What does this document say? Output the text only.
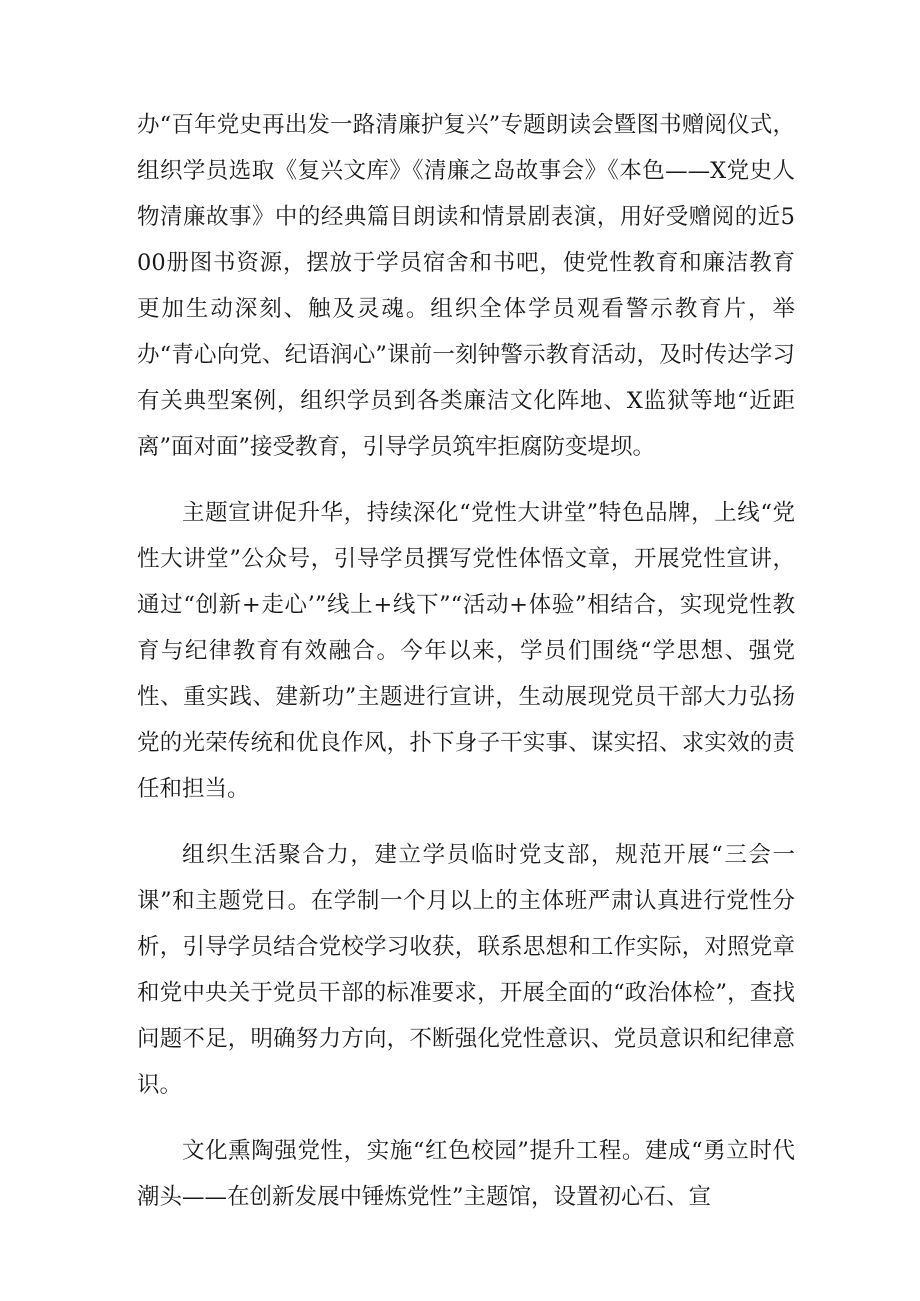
办“百年党史再出发一路清廉护复兴”专题朗读会暨图书赠阅仪式，组织学员选取《复兴文库》《清廉之岛故事会》《本色——X党史人物清廉故事》中的经典篇目朗读和情景剧表演，用好受赠阅的近500册图书资源，摆放于学员宿舍和书吧，使党性教育和廉洁教育更加生动深刻、触及灵魂。组织全体学员观看警示教育片，举办“青心向党、纪语润心”课前一刻钟警示教育活动，及时传达学习有关典型案例，组织学员到各类廉洁文化阵地、X监狱等地“近距离”面对面”接受教育，引导学员筑牢拒腐防变堤坝。

主题宣讲促升华，持续深化“党性大讲堂”特色品牌，上线“党性大讲堂”公众号，引导学员撰写党性体悟文章，开展党性宣讲，通过“创新+走心’”线上+线下”“活动+体验”相结合，实现党性教育与纪律教育有效融合。今年以来，学员们围绕“学思想、强党性、重实践、建新功”主题进行宣讲，生动展现党员干部大力弘扬党的光荣传统和优良作风，扑下身子干实事、谋实招、求实效的责任和担当。

组织生活聚合力，建立学员临时党支部，规范开展“三会一课”和主题党日。在学制一个月以上的主体班严肃认真进行党性分析，引导学员结合党校学习收获，联系思想和工作实际，对照党章和党中央关于党员干部的标准要求，开展全面的“政治体检”，查找问题不足，明确努力方向，不断强化党性意识、党员意识和纪律意识。

文化熏陶强党性，实施“红色校园”提升工程。建成“勇立时代潮头——在创新发展中锤炼党性”主题馆，设置初心石、宣
